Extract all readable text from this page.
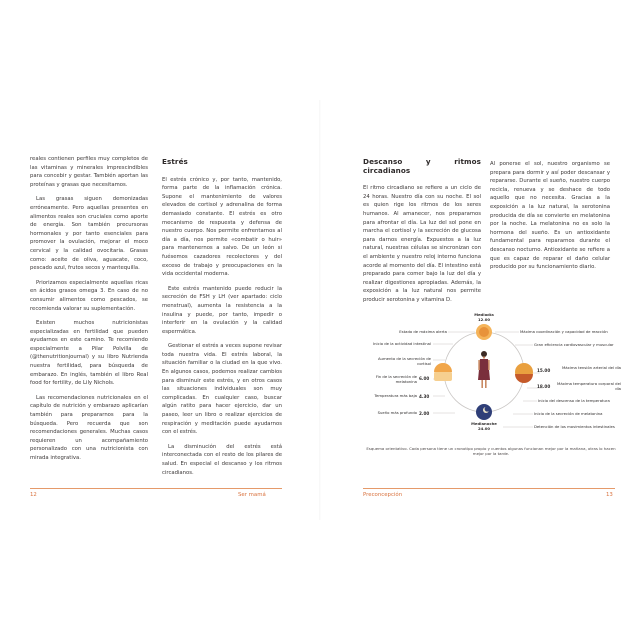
reales contienen perfiles muy completos de las vitaminas y minerales imprescindibles para concebir y gestar. También aportan las proteínas y grasas que necesitamos.

Las grasas siguen demonizadas erróneamente. Pero aquellas presentes en alimentos reales son cruciales como aporte de energía. Son también precursoras hormonales y por tanto esenciales para promover la ovulación, mejorar el moco cervical y la calidad ovocitaria. Grasas como: aceite de oliva, aguacate, coco, pescado azul, frutos secos y mantequilla.

Priorizamos especialmente aquellas ricas en ácidos grasos omega 3. En caso de no consumir alimentos como pescados, se recomienda valorar su suplementación.

Existen muchos nutricionistas especializadas en fertilidad que pueden ayudarnos en este camino. Te recomiendo especialmente a Pilar Polvilla de (@thenutritionjournal) y su libro Nutrienda nuestra fertilidad, para búsqueda de embarazo. En inglés, también el libro Real food for fertility, de Lily Nichols.

Las recomendaciones nutricionales en el capítulo de nutrición y embarazo aplicarían también para prepararnos para la búsqueda. Pero recuerda que son recomendaciones generales. Muchas casos requieren un acompañamiento personalizado con una nutricionista con mirada integrativa.

Estrés

El estrés crónico y, por tanto, mantenido, forma parte de la inflamación crónica. Supone el mantenimiento de valores elevados de cortisol y adrenalina de forma demasiado constante. El estrés es otro mecanismo de respuesta y defensa de nuestro cuerpo. Nos permite enfrentarnos al día a día, nos permite «combatir o huir» para mantenernos a salvo. De un león si fuésemos cazadores recolectores y del exceso de trabajo y preocupaciones en la vida occidental moderna.

Este estrés mantenido puede reducir la secreción de FSH y LH (ver apartado: ciclo menstrual), aumenta la resistencia a la insulina y puede, por tanto, impedir o interferir en la ovulación y la calidad espermática.

Gestionar el estrés a veces supone revisar toda nuestra vida. El estrés laboral, la situación familiar o la ciudad en la que vivo. En algunos casos, podemos realizar cambios para disminuir este estrés, y en otros casos las situaciones individuales son muy complicadas. En cualquier caso, buscar algún ratito para hacer ejercicio, dar un paseo, leer un libro o realizar ejercicios de respiración y meditación puede ayudarnos con el estrés.

La disminución del estrés está interconectada con el resto de los pilares de salud. En especial el descanso y los ritmos circadianos.

12	Ser mamá
Descanso y ritmos circadianos

El ritmo circadiano se refiere a un ciclo de 24 horas. Nuestro día con su noche. El sol es quien rige los ritmos de los seres humanos. Al amanecer, nos preparamos para afrontar el día. La luz del sol pone en marcha el cortisol y la secreción de glucosa para darnos energía. Expuestos a la luz natural, nuestras células se sincronizan con el ambiente y nuestro reloj interno funciona acorde al momento del día. El intestino está preparado para comer bajo la luz del día y realizar digestiones apropiadas. Además, la exposición a la luz natural nos permite producir serotonina y vitamina D.

Al ponerse el sol, nuestro organismo se prepara para dormir y así poder descansar y repararse. Durante el sueño, nuestro cuerpo recicla, renueva y se deshace de todo aquello que no necesita. Gracias a la exposición a la luz natural, la serotonina producida de día se convierte en melatonina por la noche. La melatonina no es solo la hormona del sueño. Es un antioxidante fundamental para repararnos durante el descanso nocturno. Antioxidante se refiere a que es capaz de reparar el daño celular producido por su funcionamiento diario.

Preconcepción	13
Mediodía
12.00
Medianoche
24.00
6.00
4.30
2.00
15.00
18.00
Estado de máxima alerta
Inicio de la actividad intestinal
Aumento de la secreción de cortisol
Fin de la secreción de melatonina
Temperatura más baja
Sueño más profundo
Máxima coordinación y capacidad de reacción
Gran eficiencia cardiovascular y muscular
Máxima tensión arterial del día
Máxima temperatura corporal del día
Inicio del descenso de la temperatura
Inicio de la secreción de melatonina
Detención de los movimientos intestinales
Esquema orientativo. Cada persona tiene un cronotipo propio y cuentos algunas funcionan mejor por la mañana, otras lo hacen mejor por la tarde.
